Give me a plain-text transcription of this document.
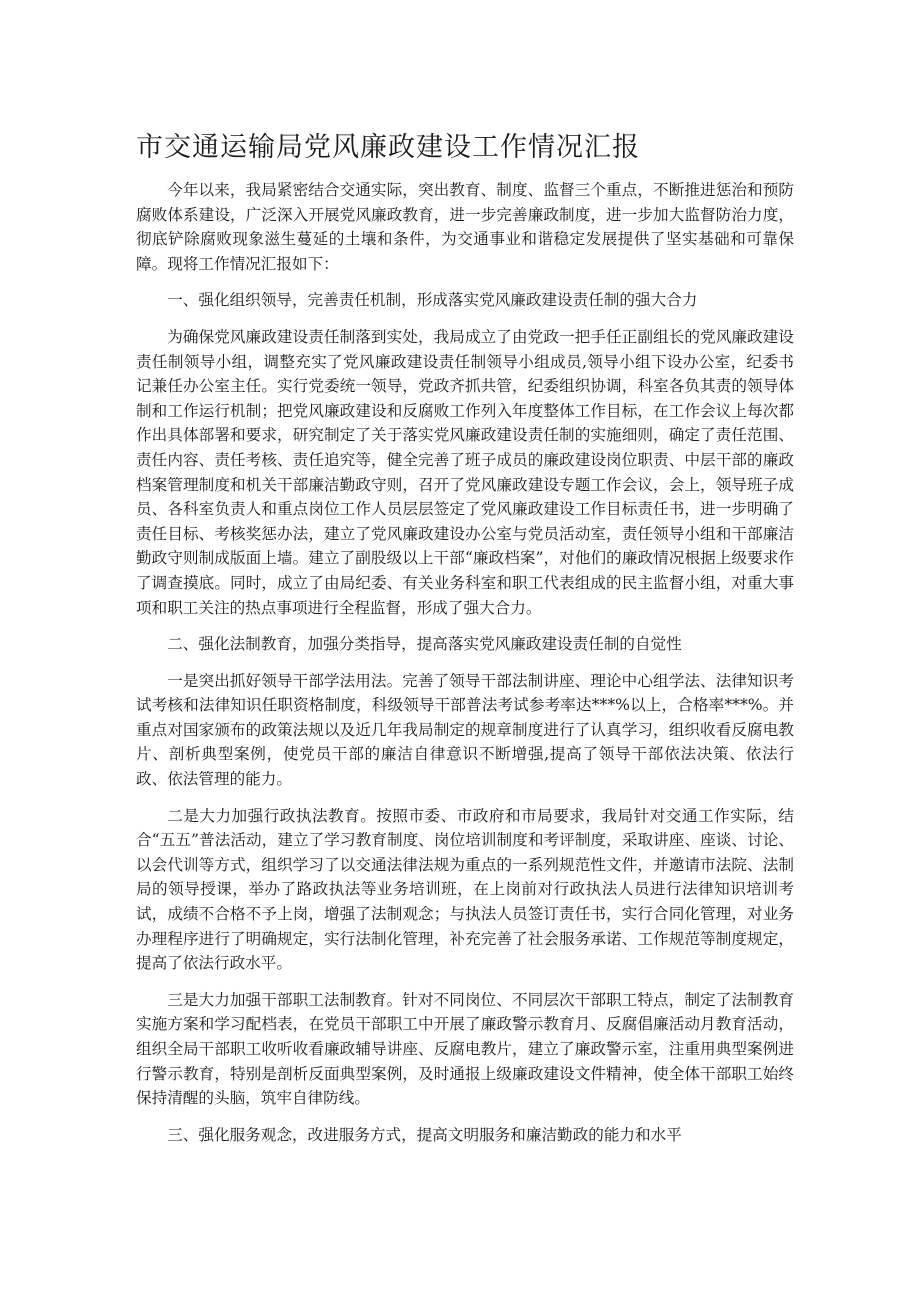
市交通运输局党风廉政建设工作情况汇报

今年以来，我局紧密结合交通实际，突出教育、制度、监督三个重点，不断推进惩治和预防腐败体系建设，广泛深入开展党风廉政教育，进一步完善廉政制度，进一步加大监督防治力度，彻底铲除腐败现象滋生蔓延的土壤和条件，为交通事业和谐稳定发展提供了坚实基础和可靠保障。现将工作情况汇报如下：

一、强化组织领导，完善责任机制，形成落实党风廉政建设责任制的强大合力

为确保党风廉政建设责任制落到实处，我局成立了由党政一把手任正副组长的党风廉政建设责任制领导小组，调整充实了党风廉政建设责任制领导小组成员,领导小组下设办公室，纪委书记兼任办公室主任。实行党委统一领导，党政齐抓共管，纪委组织协调，科室各负其责的领导体制和工作运行机制；把党风廉政建设和反腐败工作列入年度整体工作目标，在工作会议上每次都作出具体部署和要求，研究制定了关于落实党风廉政建设责任制的实施细则，确定了责任范围、责任内容、责任考核、责任追究等，健全完善了班子成员的廉政建设岗位职责、中层干部的廉政档案管理制度和机关干部廉洁勤政守则，召开了党风廉政建设专题工作会议，会上，领导班子成员、各科室负责人和重点岗位工作人员层层签定了党风廉政建设工作目标责任书，进一步明确了责任目标、考核奖惩办法，建立了党风廉政建设办公室与党员活动室，责任领导小组和干部廉洁勤政守则制成版面上墙。建立了副股级以上干部“廉政档案”，对他们的廉政情况根据上级要求作了调查摸底。同时，成立了由局纪委、有关业务科室和职工代表组成的民主监督小组，对重大事项和职工关注的热点事项进行全程监督，形成了强大合力。

二、强化法制教育，加强分类指导，提高落实党风廉政建设责任制的自觉性

一是突出抓好领导干部学法用法。完善了领导干部法制讲座、理论中心组学法、法律知识考试考核和法律知识任职资格制度，科级领导干部普法考试参考率达***%以上，合格率***%。并重点对国家颁布的政策法规以及近几年我局制定的规章制度进行了认真学习，组织收看反腐电教片、剖析典型案例，使党员干部的廉洁自律意识不断增强,提高了领导干部依法决策、依法行政、依法管理的能力。

二是大力加强行政执法教育。按照市委、市政府和市局要求，我局针对交通工作实际，结合“五五”普法活动，建立了学习教育制度、岗位培训制度和考评制度，采取讲座、座谈、讨论、以会代训等方式，组织学习了以交通法律法规为重点的一系列规范性文件，并邀请市法院、法制局的领导授课，举办了路政执法等业务培训班，在上岗前对行政执法人员进行法律知识培训考试，成绩不合格不予上岗，增强了法制观念；与执法人员签订责任书，实行合同化管理，对业务办理程序进行了明确规定，实行法制化管理，补充完善了社会服务承诺、工作规范等制度规定，提高了依法行政水平。

三是大力加强干部职工法制教育。针对不同岗位、不同层次干部职工特点，制定了法制教育实施方案和学习配档表，在党员干部职工中开展了廉政警示教育月、反腐倡廉活动月教育活动，组织全局干部职工收听收看廉政辅导讲座、反腐电教片，建立了廉政警示室，注重用典型案例进行警示教育，特别是剖析反面典型案例，及时通报上级廉政建设文件精神，使全体干部职工始终保持清醒的头脑，筑牢自律防线。

三、强化服务观念，改进服务方式，提高文明服务和廉洁勤政的能力和水平
